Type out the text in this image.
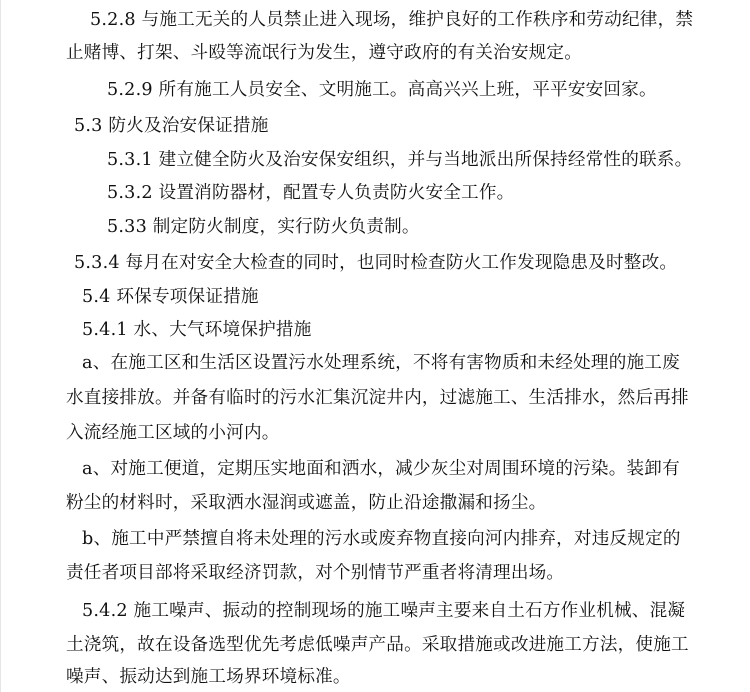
5.2.8 与施工无关的人员禁止进入现场，维护良好的工作秩序和劳动纪律，禁
止赌博、打架、斗殴等流氓行为发生，遵守政府的有关治安规定。
5.2.9 所有施工人员安全、文明施工。高高兴兴上班，平平安安回家。
5.3 防火及治安保证措施
5.3.1 建立健全防火及治安保安组织，并与当地派出所保持经常性的联系。
5.3.2 设置消防器材，配置专人负责防火安全工作。
5.33 制定防火制度，实行防火负责制。
5.3.4 每月在对安全大检查的同时，也同时检查防火工作发现隐患及时整改。
5.4 环保专项保证措施
5.4.1 水、大气环境保护措施
a、在施工区和生活区设置污水处理系统，不将有害物质和未经处理的施工废
水直接排放。并备有临时的污水汇集沉淀井内，过滤施工、生活排水，然后再排
入流经施工区域的小河内。
a、对施工便道，定期压实地面和洒水，减少灰尘对周围环境的污染。装卸有
粉尘的材料时，采取洒水湿润或遮盖，防止沿途撒漏和扬尘。
b、施工中严禁擅自将未处理的污水或废弃物直接向河内排弃，对违反规定的
责任者项目部将采取经济罚款，对个别情节严重者将清理出场。
5.4.2 施工噪声、振动的控制现场的施工噪声主要来自土石方作业机械、混凝
土浇筑，故在设备选型优先考虑低噪声产品。采取措施或改进施工方法，使施工
噪声、振动达到施工场界环境标准。
